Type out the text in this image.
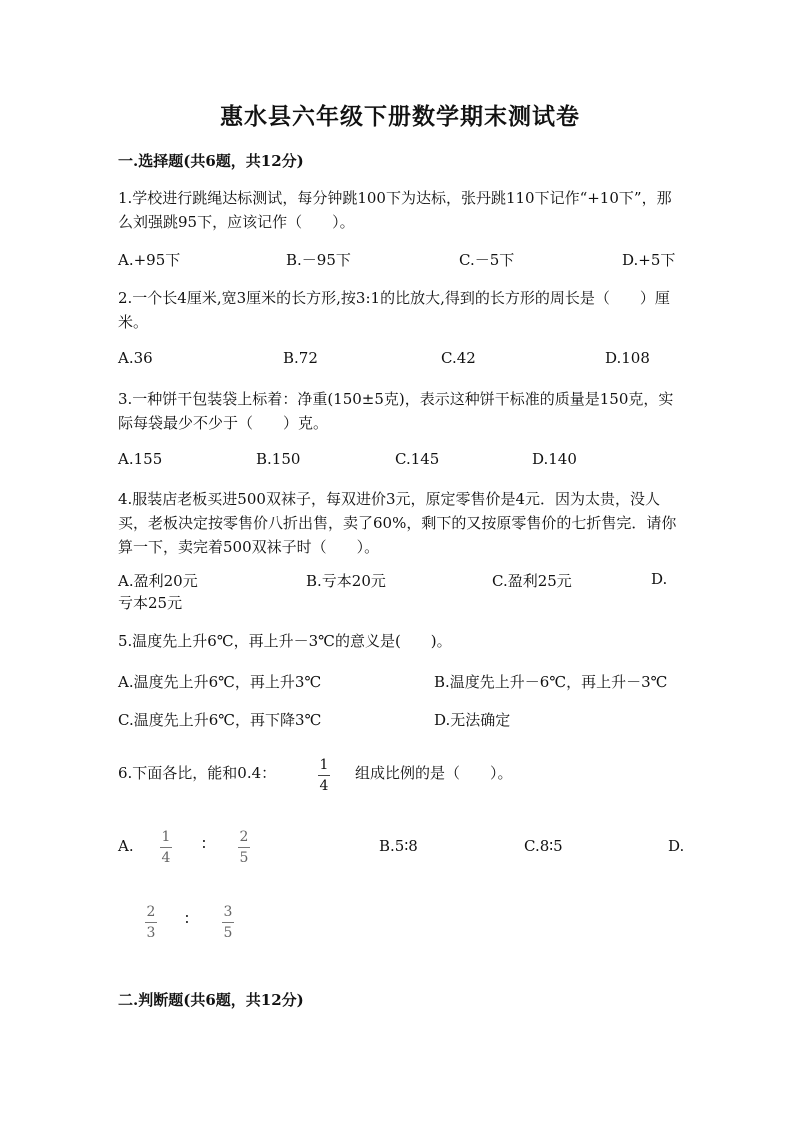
惠水县六年级下册数学期末测试卷
一.选择题(共6题，共12分)
1.学校进行跳绳达标测试，每分钟跳100下为达标，张丹跳110下记作“+10下”，那么刘强跳95下，应该记作（　　）。
A.+95下	B.－95下	C.－5下	D.+5下
2.一个长4厘米,宽3厘米的长方形,按3:1的比放大,得到的长方形的周长是（　　）厘米。
A.36	B.72	C.42	D.108
3.一种饼干包装袋上标着：净重(150±5克)，表示这种饼干标准的质量是150克，实际每袋最少不少于（　　）克。
A.155	B.150	C.145	D.140
4.服装店老板买进500双袜子，每双进价3元，原定零售价是4元．因为太贵，没人买，老板决定按零售价八折出售，卖了60%，剩下的又按原零售价的七折售完．请你算一下，卖完着500双袜子时（　　）。
A.盈利20元	B.亏本20元	C.盈利25元	D.
亏本25元
5.温度先上升6℃，再上升－3℃的意义是(　　)。
A.温度先上升6℃，再上升3℃	B.温度先上升－6℃，再上升－3℃
C.温度先上升6℃，再下降3℃	D.无法确定
6.下面各比，能和0.4：	1
4
组成比例的是（　　）。
A. 1
4
∶ 2
5
B.5∶8	C.8∶5	D.
2
3
∶ 3
5
二.判断题(共6题，共12分)
